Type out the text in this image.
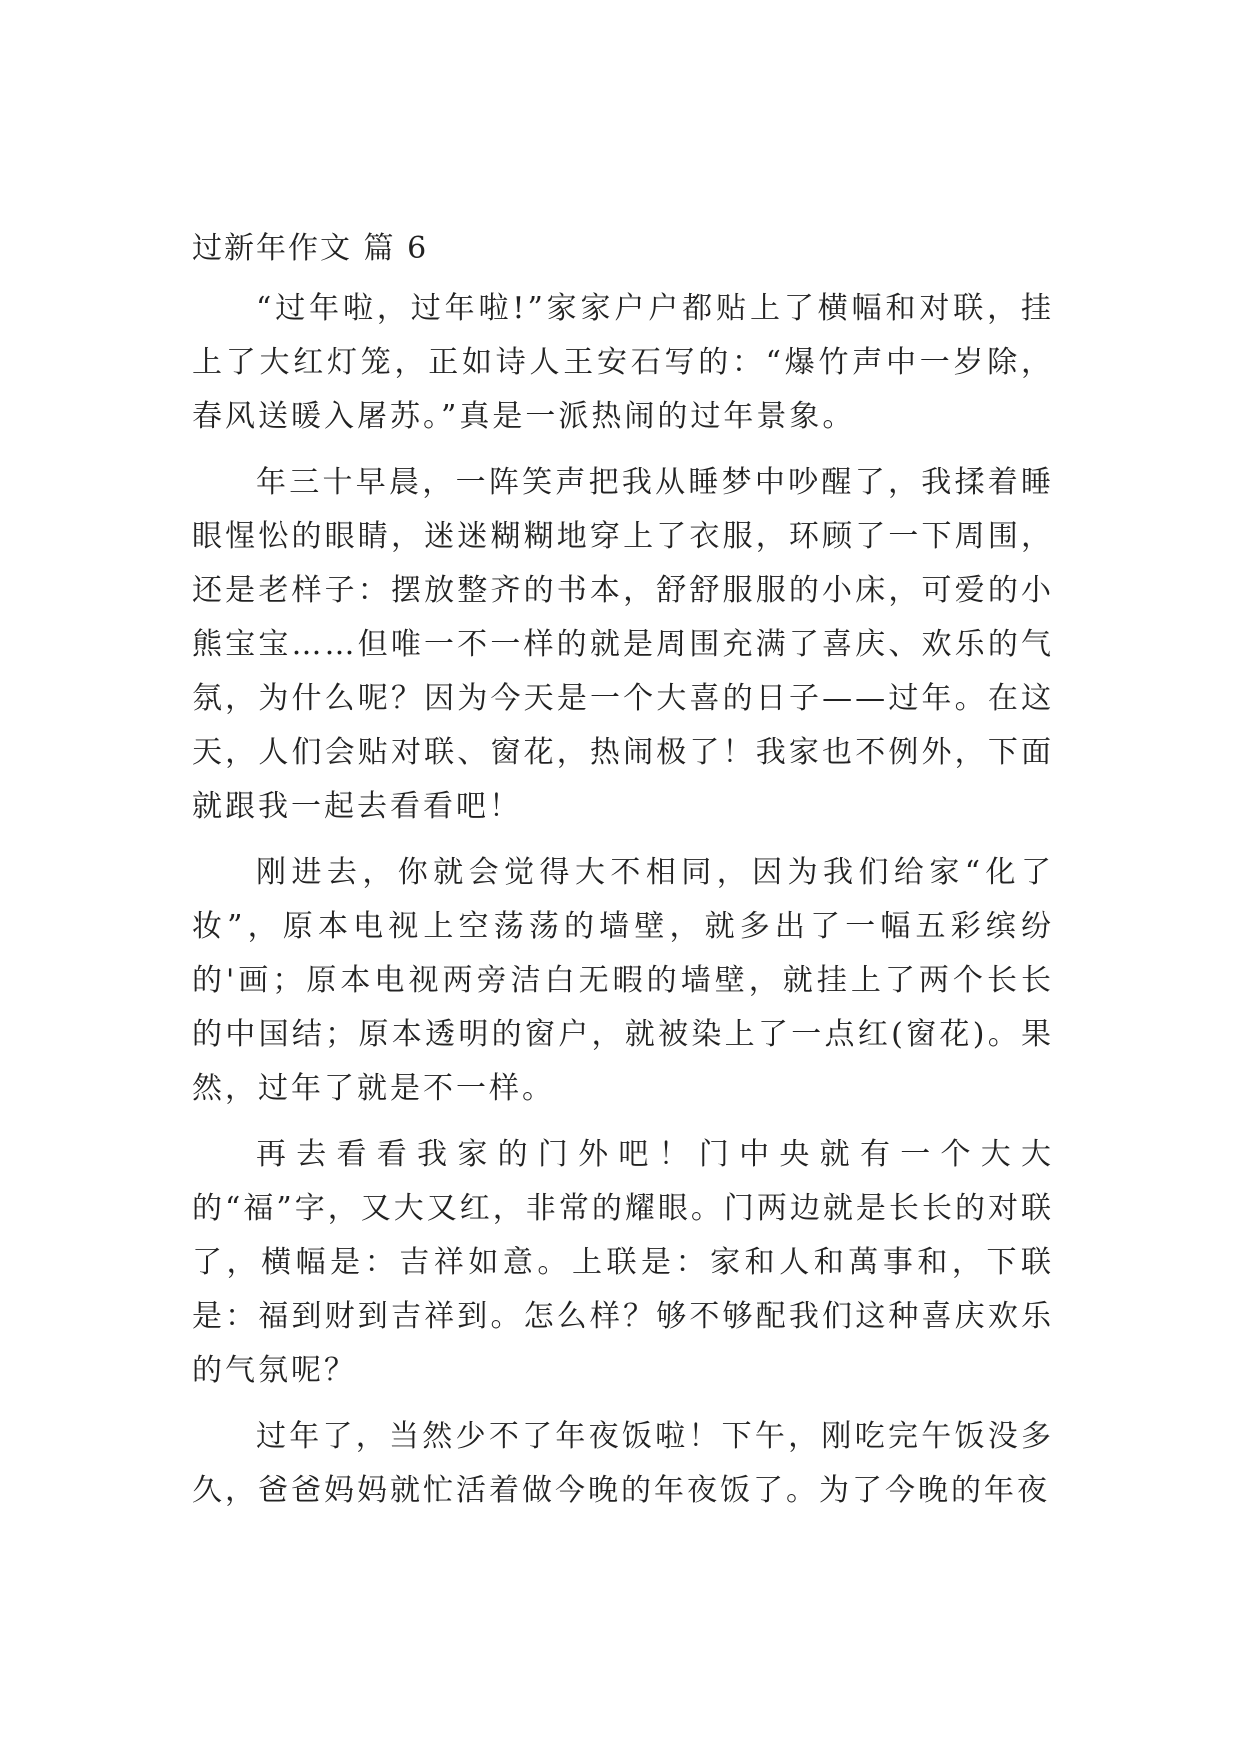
过新年作文 篇 6

“过年啦，过年啦!”家家户户都贴上了横幅和对联，挂上了大红灯笼，正如诗人王安石写的：“爆竹声中一岁除，春风送暖入屠苏。”真是一派热闹的过年景象。

年三十早晨，一阵笑声把我从睡梦中吵醒了，我揉着睡眼惺忪的眼睛，迷迷糊糊地穿上了衣服，环顾了一下周围，还是老样子：摆放整齐的书本，舒舒服服的小床，可爱的小熊宝宝……但唯一不一样的就是周围充满了喜庆、欢乐的气氛，为什么呢？因为今天是一个大喜的日子——过年。在这天，人们会贴对联、窗花，热闹极了！我家也不例外，下面就跟我一起去看看吧！

刚进去，你就会觉得大不相同，因为我们给家“化了妆”，原本电视上空荡荡的墙壁，就多出了一幅五彩缤纷的'画；原本电视两旁洁白无暇的墙壁，就挂上了两个长长的中国结；原本透明的窗户，就被染上了一点红(窗花)。果然，过年了就是不一样。

再去看看我家的门外吧！门中央就有一个大大的“福”字，又大又红，非常的耀眼。门两边就是长长的对联了，横幅是：吉祥如意。上联是：家和人和萬事和，下联是：福到财到吉祥到。怎么样？够不够配我们这种喜庆欢乐的气氛呢？

过年了，当然少不了年夜饭啦！下午，刚吃完午饭没多久，爸爸妈妈就忙活着做今晚的年夜饭了。为了今晚的年夜
